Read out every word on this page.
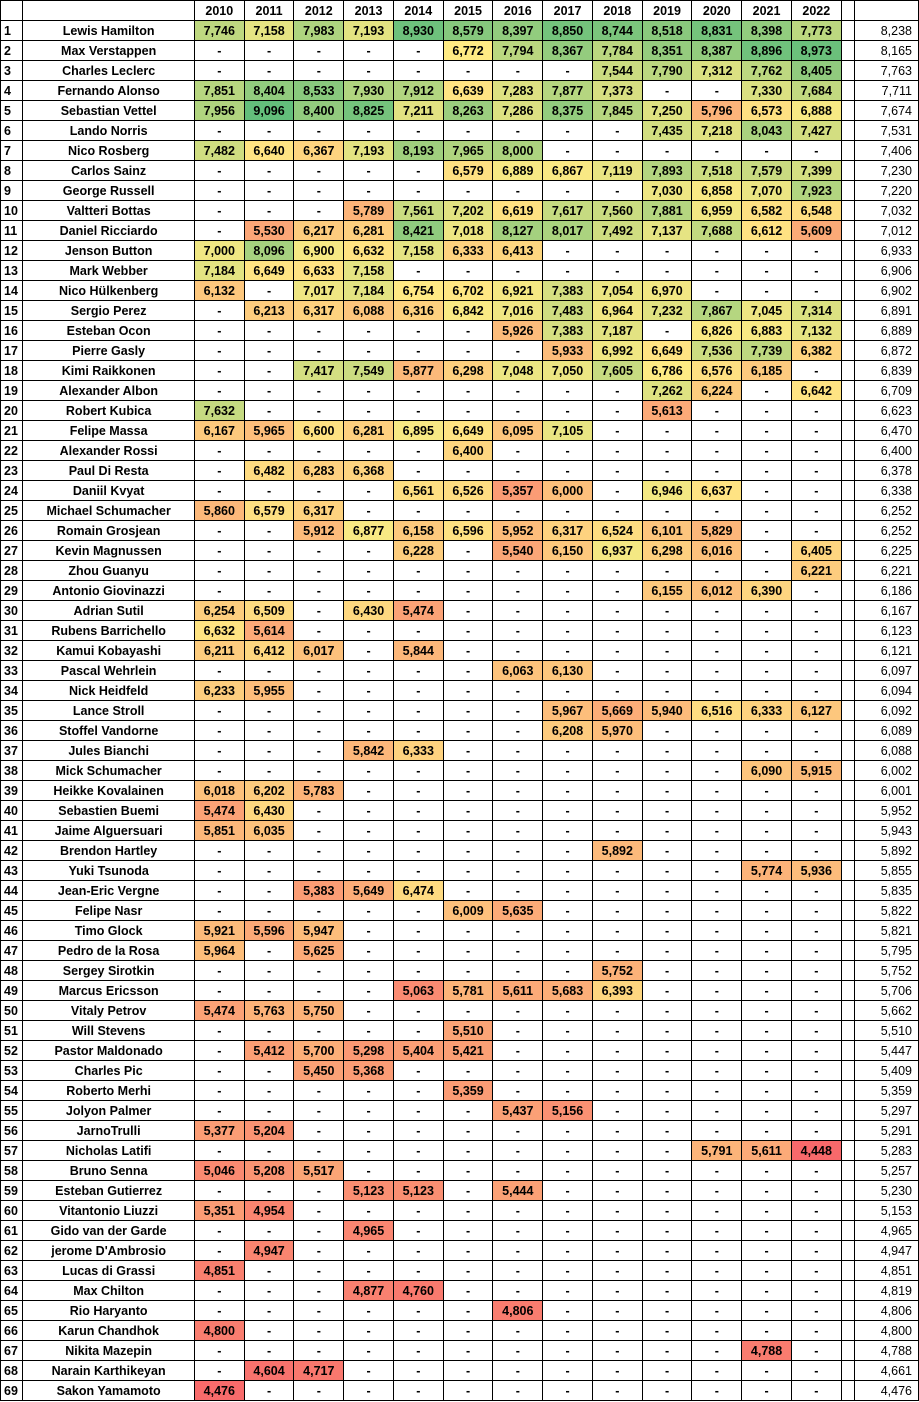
		2010	2011	2012	2013	2014	2015	2016	2017	2018	2019	2020	2021	2022		
1	Lewis Hamilton	7,746	7,158	7,983	7,193	8,930	8,579	8,397	8,850	8,744	8,518	8,831	8,398	7,773		8,238
2	Max Verstappen	-	-	-	-	-	6,772	7,794	8,367	7,784	8,351	8,387	8,896	8,973		8,165
3	Charles Leclerc	-	-	-	-	-	-	-	-	7,544	7,790	7,312	7,762	8,405		7,763
4	Fernando Alonso	7,851	8,404	8,533	7,930	7,912	6,639	7,283	7,877	7,373	-	-	7,330	7,684		7,711
5	Sebastian Vettel	7,956	9,096	8,400	8,825	7,211	8,263	7,286	8,375	7,845	7,250	5,796	6,573	6,888		7,674
6	Lando Norris	-	-	-	-	-	-	-	-	-	7,435	7,218	8,043	7,427		7,531
7	Nico Rosberg	7,482	6,640	6,367	7,193	8,193	7,965	8,000	-	-	-	-	-	-		7,406
8	Carlos Sainz	-	-	-	-	-	6,579	6,889	6,867	7,119	7,893	7,518	7,579	7,399		7,230
9	George Russell	-	-	-	-	-	-	-	-	-	7,030	6,858	7,070	7,923		7,220
10	Valtteri Bottas	-	-	-	5,789	7,561	7,202	6,619	7,617	7,560	7,881	6,959	6,582	6,548		7,032
11	Daniel Ricciardo	-	5,530	6,217	6,281	8,421	7,018	8,127	8,017	7,492	7,137	7,688	6,612	5,609		7,012
12	Jenson Button	7,000	8,096	6,900	6,632	7,158	6,333	6,413	-	-	-	-	-	-		6,933
13	Mark Webber	7,184	6,649	6,633	7,158	-	-	-	-	-	-	-	-	-		6,906
14	Nico Hülkenberg	6,132	-	7,017	7,184	6,754	6,702	6,921	7,383	7,054	6,970	-	-	-		6,902
15	Sergio Perez	-	6,213	6,317	6,088	6,316	6,842	7,016	7,483	6,964	7,232	7,867	7,045	7,314		6,891
16	Esteban Ocon	-	-	-	-	-	-	5,926	7,383	7,187	-	6,826	6,883	7,132		6,889
17	Pierre Gasly	-	-	-	-	-	-	-	5,933	6,992	6,649	7,536	7,739	6,382		6,872
18	Kimi Raikkonen	-	-	7,417	7,549	5,877	6,298	7,048	7,050	7,605	6,786	6,576	6,185	-		6,839
19	Alexander Albon	-	-	-	-	-	-	-	-	-	7,262	6,224	-	6,642		6,709
20	Robert Kubica	7,632	-	-	-	-	-	-	-	-	5,613	-	-	-		6,623
21	Felipe Massa	6,167	5,965	6,600	6,281	6,895	6,649	6,095	7,105	-	-	-	-	-		6,470
22	Alexander Rossi	-	-	-	-	-	6,400	-	-	-	-	-	-	-		6,400
23	Paul Di Resta	-	6,482	6,283	6,368	-	-	-	-	-	-	-	-	-		6,378
24	Daniil Kvyat	-	-	-	-	6,561	6,526	5,357	6,000	-	6,946	6,637	-	-		6,338
25	Michael Schumacher	5,860	6,579	6,317	-	-	-	-	-	-	-	-	-	-		6,252
26	Romain Grosjean	-	-	5,912	6,877	6,158	6,596	5,952	6,317	6,524	6,101	5,829	-	-		6,252
27	Kevin Magnussen	-	-	-	-	6,228	-	5,540	6,150	6,937	6,298	6,016	-	6,405		6,225
28	Zhou Guanyu	-	-	-	-	-	-	-	-	-	-	-	-	6,221		6,221
29	Antonio Giovinazzi	-	-	-	-	-	-	-	-	-	6,155	6,012	6,390	-		6,186
30	Adrian Sutil	6,254	6,509	-	6,430	5,474	-	-	-	-	-	-	-	-		6,167
31	Rubens Barrichello	6,632	5,614	-	-	-	-	-	-	-	-	-	-	-		6,123
32	Kamui Kobayashi	6,211	6,412	6,017	-	5,844	-	-	-	-	-	-	-	-		6,121
33	Pascal Wehrlein	-	-	-	-	-	-	6,063	6,130	-	-	-	-	-		6,097
34	Nick Heidfeld	6,233	5,955	-	-	-	-	-	-	-	-	-	-	-		6,094
35	Lance Stroll	-	-	-	-	-	-	-	5,967	5,669	5,940	6,516	6,333	6,127		6,092
36	Stoffel Vandorne	-	-	-	-	-	-	-	6,208	5,970	-	-	-	-		6,089
37	Jules Bianchi	-	-	-	5,842	6,333	-	-	-	-	-	-	-	-		6,088
38	Mick Schumacher	-	-	-	-	-	-	-	-	-	-	-	6,090	5,915		6,002
39	Heikke Kovalainen	6,018	6,202	5,783	-	-	-	-	-	-	-	-	-	-		6,001
40	Sebastien Buemi	5,474	6,430	-	-	-	-	-	-	-	-	-	-	-		5,952
41	Jaime Alguersuari	5,851	6,035	-	-	-	-	-	-	-	-	-	-	-		5,943
42	Brendon Hartley	-	-	-	-	-	-	-	-	5,892	-	-	-	-		5,892
43	Yuki Tsunoda	-	-	-	-	-	-	-	-	-	-	-	5,774	5,936		5,855
44	Jean-Eric Vergne	-	-	5,383	5,649	6,474	-	-	-	-	-	-	-	-		5,835
45	Felipe Nasr	-	-	-	-	-	6,009	5,635	-	-	-	-	-	-		5,822
46	Timo Glock	5,921	5,596	5,947	-	-	-	-	-	-	-	-	-	-		5,821
47	Pedro de la Rosa	5,964	-	5,625	-	-	-	-	-	-	-	-	-	-		5,795
48	Sergey Sirotkin	-	-	-	-	-	-	-	-	5,752	-	-	-	-		5,752
49	Marcus Ericsson	-	-	-	-	5,063	5,781	5,611	5,683	6,393	-	-	-	-		5,706
50	Vitaly Petrov	5,474	5,763	5,750	-	-	-	-	-	-	-	-	-	-		5,662
51	Will Stevens	-	-	-	-	-	5,510	-	-	-	-	-	-	-		5,510
52	Pastor Maldonado	-	5,412	5,700	5,298	5,404	5,421	-	-	-	-	-	-	-		5,447
53	Charles Pic	-	-	5,450	5,368	-	-	-	-	-	-	-	-	-		5,409
54	Roberto Merhi	-	-	-	-	-	5,359	-	-	-	-	-	-	-		5,359
55	Jolyon Palmer	-	-	-	-	-	-	5,437	5,156	-	-	-	-	-		5,297
56	JarnoTrulli	5,377	5,204	-	-	-	-	-	-	-	-	-	-	-		5,291
57	Nicholas Latifi	-	-	-	-	-	-	-	-	-	-	5,791	5,611	4,448		5,283
58	Bruno Senna	5,046	5,208	5,517	-	-	-	-	-	-	-	-	-	-		5,257
59	Esteban Gutierrez	-	-	-	5,123	5,123	-	5,444	-	-	-	-	-	-		5,230
60	Vitantonio Liuzzi	5,351	4,954	-	-	-	-	-	-	-	-	-	-	-		5,153
61	Gido van der Garde	-	-	-	4,965	-	-	-	-	-	-	-	-	-		4,965
62	jerome D'Ambrosio	-	4,947	-	-	-	-	-	-	-	-	-	-	-		4,947
63	Lucas di Grassi	4,851	-	-	-	-	-	-	-	-	-	-	-	-		4,851
64	Max Chilton	-	-	-	4,877	4,760	-	-	-	-	-	-	-	-		4,819
65	Rio Haryanto	-	-	-	-	-	-	4,806	-	-	-	-	-	-		4,806
66	Karun Chandhok	4,800	-	-	-	-	-	-	-	-	-	-	-	-		4,800
67	Nikita Mazepin	-	-	-	-	-	-	-	-	-	-	-	4,788	-		4,788
68	Narain Karthikeyan	-	4,604	4,717	-	-	-	-	-	-	-	-	-	-		4,661
69	Sakon Yamamoto	4,476	-	-	-	-	-	-	-	-	-	-	-	-		4,476
